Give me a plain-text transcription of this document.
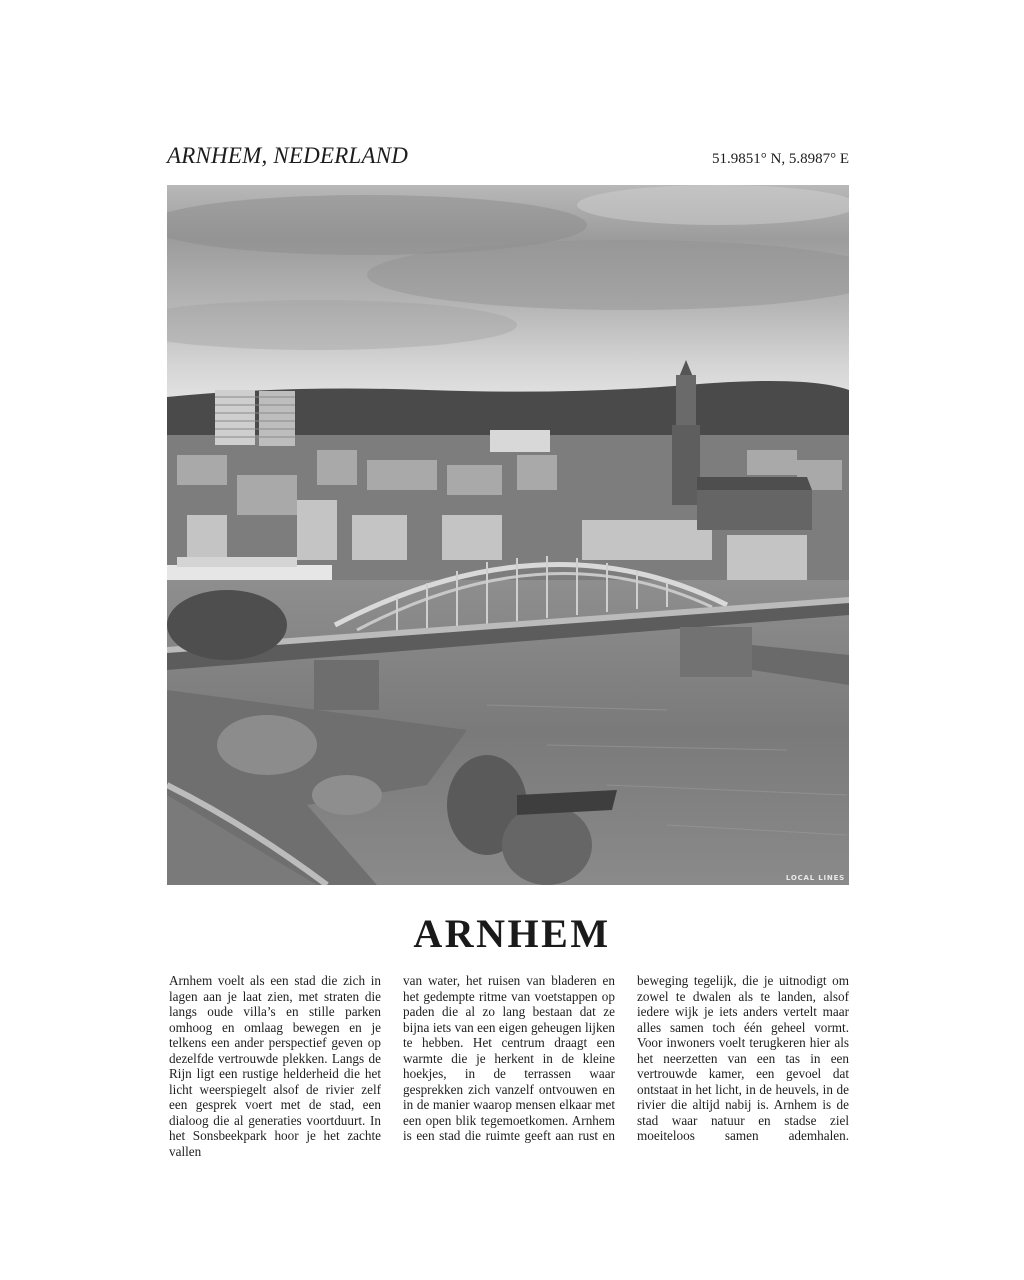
ARNHEM, NEDERLAND	51.9851° N, 5.8987° E
LOCAL LINES
ARNHEM

Arnhem voelt als een stad die zich in lagen aan je laat zien, met straten die langs oude villa’s en stille parken omhoog en omlaag bewegen en je telkens een ander perspectief geven op dezelfde vertrouwde plekken. Langs de Rijn ligt een rustige helderheid die het licht weerspiegelt alsof de rivier zelf een gesprek voert met de stad, een dialoog die al generaties voortduurt. In het Sonsbeekpark hoor je het zachte vallen

van water, het ruisen van bladeren en het gedempte ritme van voetstappen op paden die al zo lang bestaan dat ze bijna iets van een eigen geheugen lijken te hebben. Het centrum draagt een warmte die je herkent in de kleine hoekjes, in de terrassen waar gesprekken zich vanzelf ontvouwen en in de manier waarop mensen elkaar met een open blik tegemoetkomen. Arnhem is een stad die ruimte geeft aan rust en

beweging tegelijk, die je uitnodigt om zowel te dwalen als te landen, alsof iedere wijk je iets anders vertelt maar alles samen toch één geheel vormt. Voor inwoners voelt terugkeren hier als het neerzetten van een tas in een vertrouwde kamer, een gevoel dat ontstaat in het licht, in de heuvels, in de rivier die altijd nabij is. Arnhem is de stad waar natuur en stadse ziel moeiteloos samen ademhalen.
